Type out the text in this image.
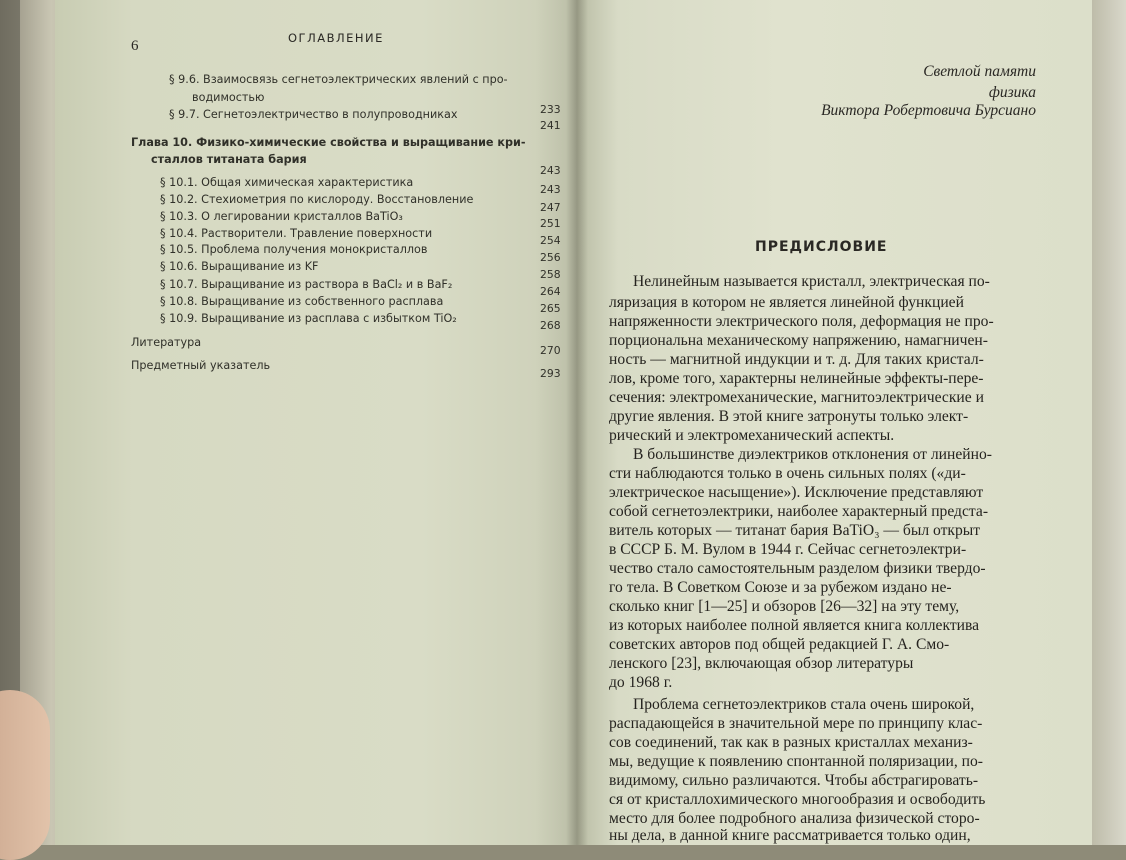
6	ОГЛАВЛЕНИЕ
§ 9.6. Взаимосвязь сегнетоэлектрических явлений с про-
водимостью
233
§ 9.7. Сегнетоэлектричество в полупроводниках
241
Глава 10. Физико-химические свойства и выращивание кри-
сталлов титаната бария
243
§ 10.1. Общая химическая характеристика
243
§ 10.2. Стехиометрия по кислороду. Восстановление
247
§ 10.3. О легировании кристаллов BaTiO₃
251
§ 10.4. Растворители. Травление поверхности
254
§ 10.5. Проблема получения монокристаллов
256
§ 10.6. Выращивание из KF
258
§ 10.7. Выращивание из раствора в BaCl₂ и в BaF₂
264
§ 10.8. Выращивание из собственного расплава
265
§ 10.9. Выращивание из расплава с избытком TiO₂
268
Литература
270
Предметный указатель
293
Светлой памяти
физика
Виктора Робертовича Бурсиано
ПРЕДИСЛОВИЕ
Нелинейным называется кристалл, электрическая по-
ляризация в котором не является линейной функцией
напряженности электрического поля, деформация не про-
порциональна механическому напряжению, намагничен-
ность — магнитной индукции и т. д. Для таких кристал-
лов, кроме того, характерны нелинейные эффекты-пере-
сечения: электромеханические, магнитоэлектрические и
другие явления. В этой книге затронуты только элект-
рический и электромеханический аспекты.
В большинстве диэлектриков отклонения от линейно-
сти наблюдаются только в очень сильных полях («ди-
электрическое насыщение»). Исключение представляют
собой сегнетоэлектрики, наиболее характерный предста-
витель которых — титанат бария BaTiO₃ — был открыт
в СССР Б. М. Вулом в 1944 г. Сейчас сегнетоэлектри-
чество стало самостоятельным разделом физики твердо-
го тела. В Советком Союзе и за рубежом издано не-
сколько книг [1—25] и обзоров [26—32] на эту тему,
из которых наиболее полной является книга коллектива
советских авторов под общей редакцией Г. А. Смо-
ленского [23], включающая обзор литературы
до 1968 г.
Проблема сегнетоэлектриков стала очень широкой,
распадающейся в значительной мере по принципу клас-
сов соединений, так как в разных кристаллах механиз-
мы, ведущие к появлению спонтанной поляризации, по-
видимому, сильно различаются. Чтобы абстрагировать-
ся от кристаллохимического многообразия и освободить
место для более подробного анализа физической сторо-
ны дела, в данной книге рассматривается только один,
